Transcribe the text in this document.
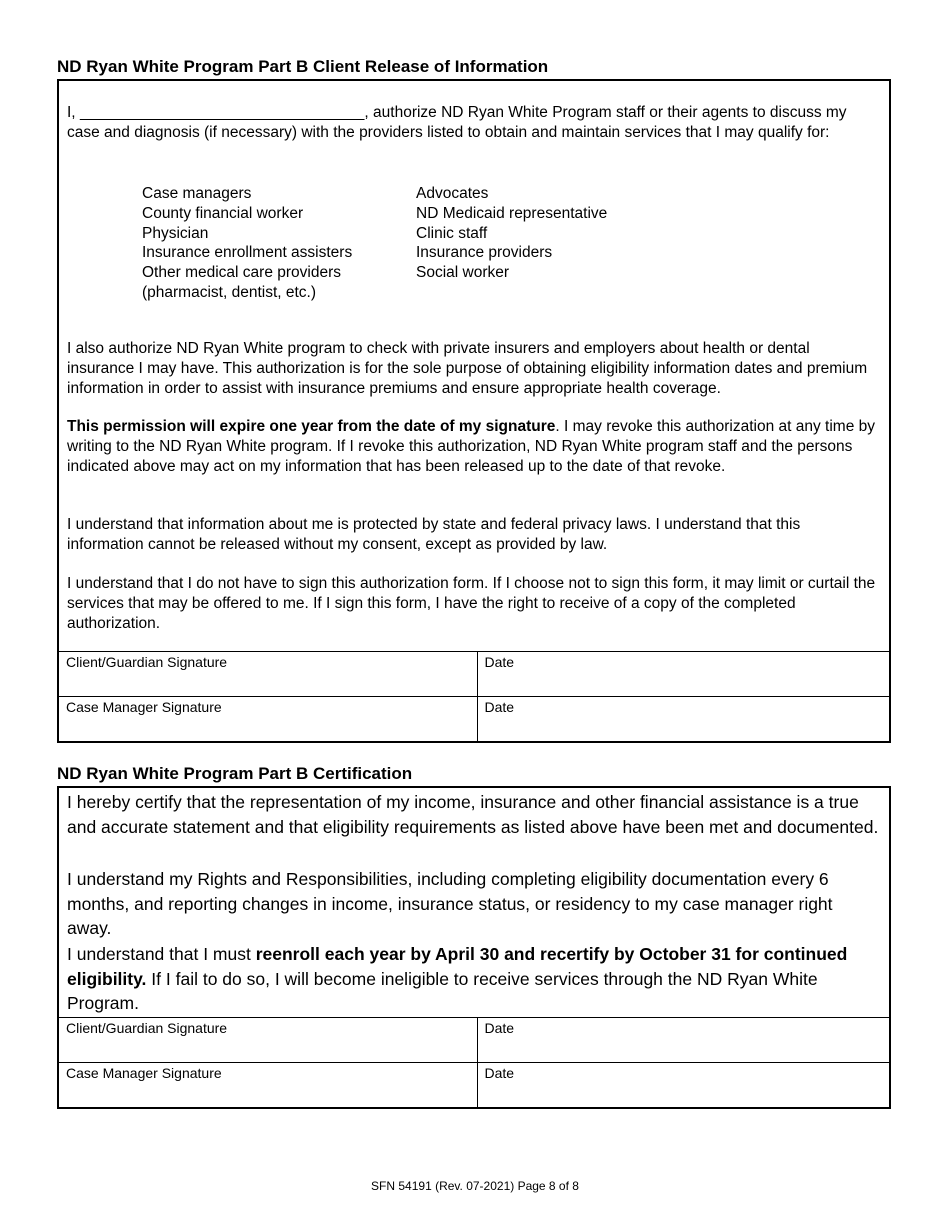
ND Ryan White Program Part B Client Release of Information
I, _________________________________, authorize ND Ryan White Program staff or their agents to discuss my case and diagnosis (if necessary) with the providers listed to obtain and maintain services that I may qualify for:
Case managers
County financial worker
Physician
Insurance enrollment assisters
Other medical care providers
(pharmacist, dentist, etc.)
Advocates
ND Medicaid representative
Clinic staff
Insurance providers
Social worker
I also authorize ND Ryan White program to check with private insurers and employers about health or dental insurance I may have. This authorization is for the sole purpose of obtaining eligibility information dates and premium information in order to assist with insurance premiums and ensure appropriate health coverage.
This permission will expire one year from the date of my signature. I may revoke this authorization at any time by writing to the ND Ryan White program. If I revoke this authorization, ND Ryan White program staff and the persons indicated above may act on my information that has been released up to the date of that revoke.
I understand that information about me is protected by state and federal privacy laws. I understand that this information cannot be released without my consent, except as provided by law.
I understand that I do not have to sign this authorization form. If I choose not to sign this form, it may limit or curtail the services that may be offered to me. If I sign this form, I have the right to receive of a copy of the completed authorization.
Client/Guardian Signature	Date
Case Manager Signature	Date
ND Ryan White Program Part B Certification
I hereby certify that the representation of my income, insurance and other financial assistance is a true and accurate statement and that eligibility requirements as listed above have been met and documented.
I understand my Rights and Responsibilities, including completing eligibility documentation every 6 months, and reporting changes in income, insurance status, or residency to my case manager right away.
I understand that I must reenroll each year by April 30 and recertify by October 31 for continued eligibility. If I fail to do so, I will become ineligible to receive services through the ND Ryan White Program.
Client/Guardian Signature	Date
Case Manager Signature	Date
SFN 54191 (Rev. 07-2021) Page 8 of 8
